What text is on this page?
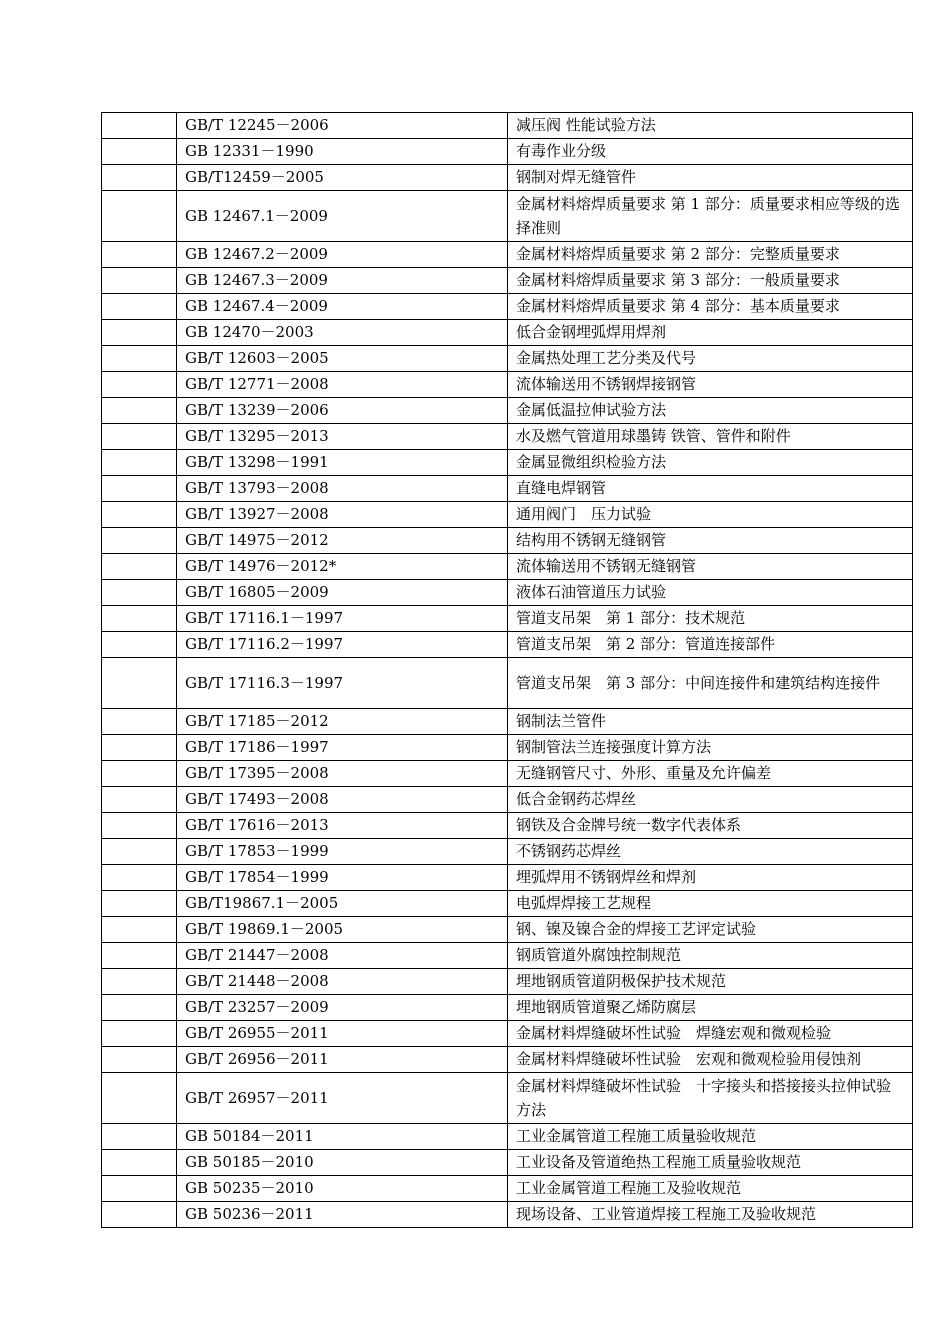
	GB/T 12245－2006	减压阀 性能试验方法
	GB 12331－1990	有毒作业分级
	GB/T12459－2005	钢制对焊无缝管件
	GB 12467.1－2009	金属材料熔焊质量要求 第 1 部分：质量要求相应等级的选择准则
	GB 12467.2－2009	金属材料熔焊质量要求 第 2 部分：完整质量要求
	GB 12467.3－2009	金属材料熔焊质量要求 第 3 部分：一般质量要求
	GB 12467.4－2009	金属材料熔焊质量要求 第 4 部分：基本质量要求
	GB 12470－2003	低合金钢埋弧焊用焊剂
	GB/T 12603－2005	金属热处理工艺分类及代号
	GB/T 12771－2008	流体输送用不锈钢焊接钢管
	GB/T 13239－2006	金属低温拉伸试验方法
	GB/T 13295－2013	水及燃气管道用球墨铸 铁管、管件和附件
	GB/T 13298－1991	金属显微组织检验方法
	GB/T 13793－2008	直缝电焊钢管
	GB/T 13927－2008	通用阀门　压力试验
	GB/T 14975－2012	结构用不锈钢无缝钢管
	GB/T 14976－2012*	流体输送用不锈钢无缝钢管
	GB/T 16805－2009	液体石油管道压力试验
	GB/T 17116.1－1997	管道支吊架　第 1 部分：技术规范
	GB/T 17116.2－1997	管道支吊架　第 2 部分：管道连接部件
	GB/T 17116.3－1997	管道支吊架　第 3 部分：中间连接件和建筑结构连接件
	GB/T 17185－2012	钢制法兰管件
	GB/T 17186－1997	钢制管法兰连接强度计算方法
	GB/T 17395－2008	无缝钢管尺寸、外形、重量及允许偏差
	GB/T 17493－2008	低合金钢药芯焊丝
	GB/T 17616－2013	钢铁及合金牌号统一数字代表体系
	GB/T 17853－1999	不锈钢药芯焊丝
	GB/T 17854－1999	埋弧焊用不锈钢焊丝和焊剂
	GB/T19867.1－2005	电弧焊焊接工艺规程
	GB/T 19869.1－2005	钢、镍及镍合金的焊接工艺评定试验
	GB/T 21447－2008	钢质管道外腐蚀控制规范
	GB/T 21448－2008	埋地钢质管道阴极保护技术规范
	GB/T 23257－2009	埋地钢质管道聚乙烯防腐层
	GB/T 26955－2011	金属材料焊缝破坏性试验　焊缝宏观和微观检验
	GB/T 26956－2011	金属材料焊缝破坏性试验　宏观和微观检验用侵蚀剂
	GB/T 26957－2011	金属材料焊缝破坏性试验　十字接头和搭接接头拉伸试验方法
	GB 50184－2011	工业金属管道工程施工质量验收规范
	GB 50185－2010	工业设备及管道绝热工程施工质量验收规范
	GB 50235－2010	工业金属管道工程施工及验收规范
	GB 50236－2011	现场设备、工业管道焊接工程施工及验收规范
